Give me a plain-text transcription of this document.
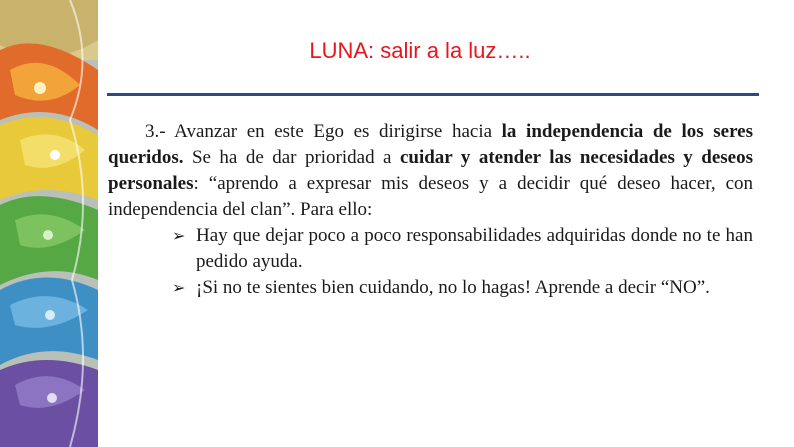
LUNA: salir a la luz…..

3.- Avanzar en este Ego es dirigirse hacia la independencia de los seres queridos. Se ha de dar prioridad a cuidar y atender las necesidades y deseos personales: “aprendo a expresar mis deseos y a decidir qué deseo hacer, con independencia del clan”. Para ello:

➢ Hay que dejar poco a poco responsabilidades adquiridas donde no te han pedido ayuda.
➢ ¡Si no te sientes bien cuidando, no lo hagas! Aprende a decir “NO”.
